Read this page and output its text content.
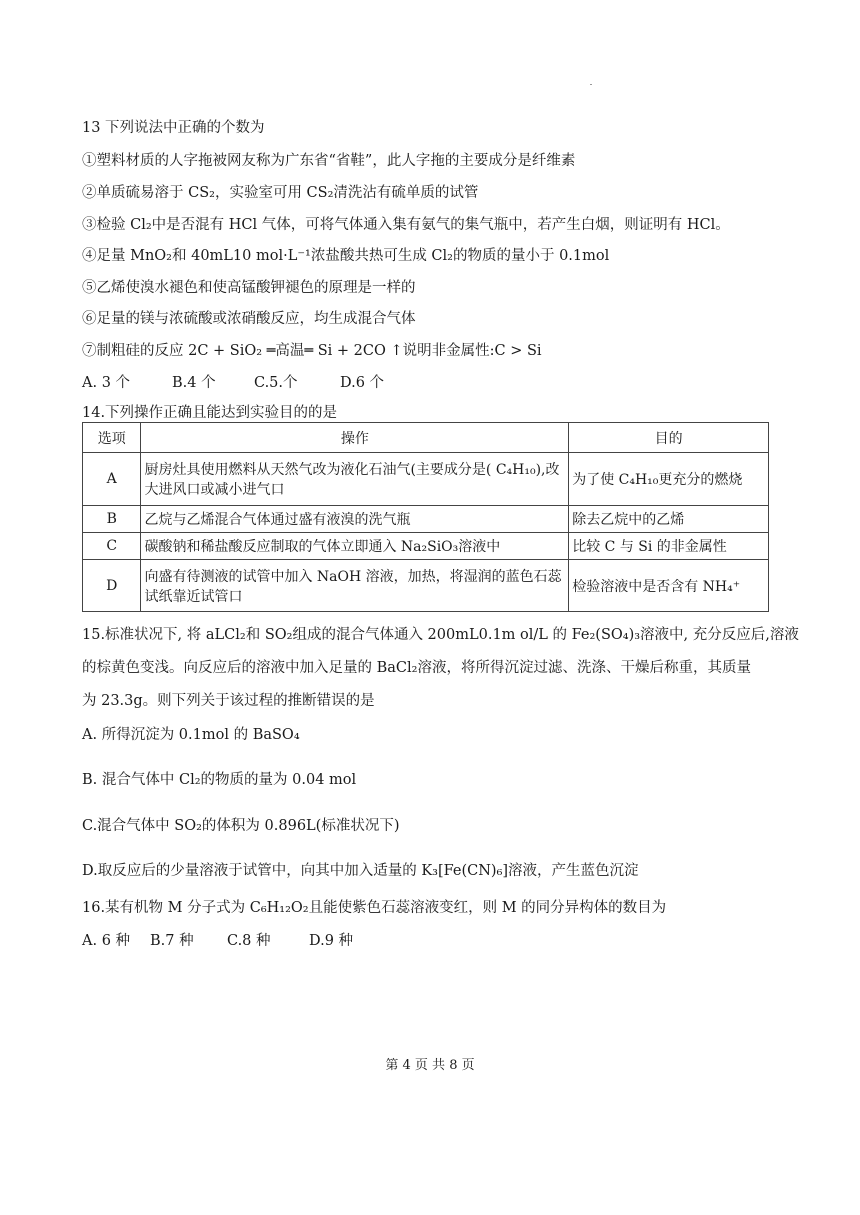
13 下列说法中正确的个数为
①塑料材质的人字拖被网友称为广东省“省鞋”，此人字拖的主要成分是纤维素
②单质硫易溶于 CS₂，实验室可用 CS₂清洗沾有硫单质的试管
③检验 Cl₂中是否混有 HCl 气体，可将气体通入集有氨气的集气瓶中，若产生白烟，则证明有 HCl。
④足量 MnO₂和 40mL10 mol·L⁻¹浓盐酸共热可生成 Cl₂的物质的量小于 0.1mol
⑤乙烯使溴水褪色和使高锰酸钾褪色的原理是一样的
⑥足量的镁与浓硫酸或浓硝酸反应，均生成混合气体
⑦制粗硅的反应 2C + SiO₂ ═高温═ Si + 2CO ↑说明非金属性:C > Si
A. 3 个	B.4 个	C.5.个	D.6 个
14.下列操作正确且能达到实验目的的是
选项	操作	目的
A	厨房灶具使用燃料从天然气改为液化石油气(主要成分是( C₄H₁₀),改大进风口或减小进气口	为了使 C₄H₁₀更充分的燃烧
B	乙烷与乙烯混合气体通过盛有液溴的洗气瓶	除去乙烷中的乙烯
C	碳酸钠和稀盐酸反应制取的气体立即通入 Na₂SiO₃溶液中	比较 C 与 Si 的非金属性
D	向盛有待测液的试管中加入 NaOH 溶液，加热，将湿润的蓝色石蕊试纸靠近试管口	检验溶液中是否含有 NH₄⁺
15.标准状况下, 将 aLCl₂和 SO₂组成的混合气体通入 200mL0.1m ol/L 的 Fe₂(SO₄)₃溶液中, 充分反应后,溶液
的棕黄色变浅。向反应后的溶液中加入足量的 BaCl₂溶液，将所得沉淀过滤、洗涤、干燥后称重，其质量
为 23.3g。则下列关于该过程的推断错误的是
A. 所得沉淀为 0.1mol 的 BaSO₄
B. 混合气体中 Cl₂的物质的量为 0.04 mol
C.混合气体中 SO₂的体积为 0.896L(标准状况下)
D.取反应后的少量溶液于试管中，向其中加入适量的 K₃[Fe(CN)₆]溶液，产生蓝色沉淀
16.某有机物 M 分子式为 C₆H₁₂O₂且能使紫色石蕊溶液变红，则 M 的同分异构体的数目为
A. 6 种 B.7 种 C.8 种	D.9 种
第 4 页 共 8 页
